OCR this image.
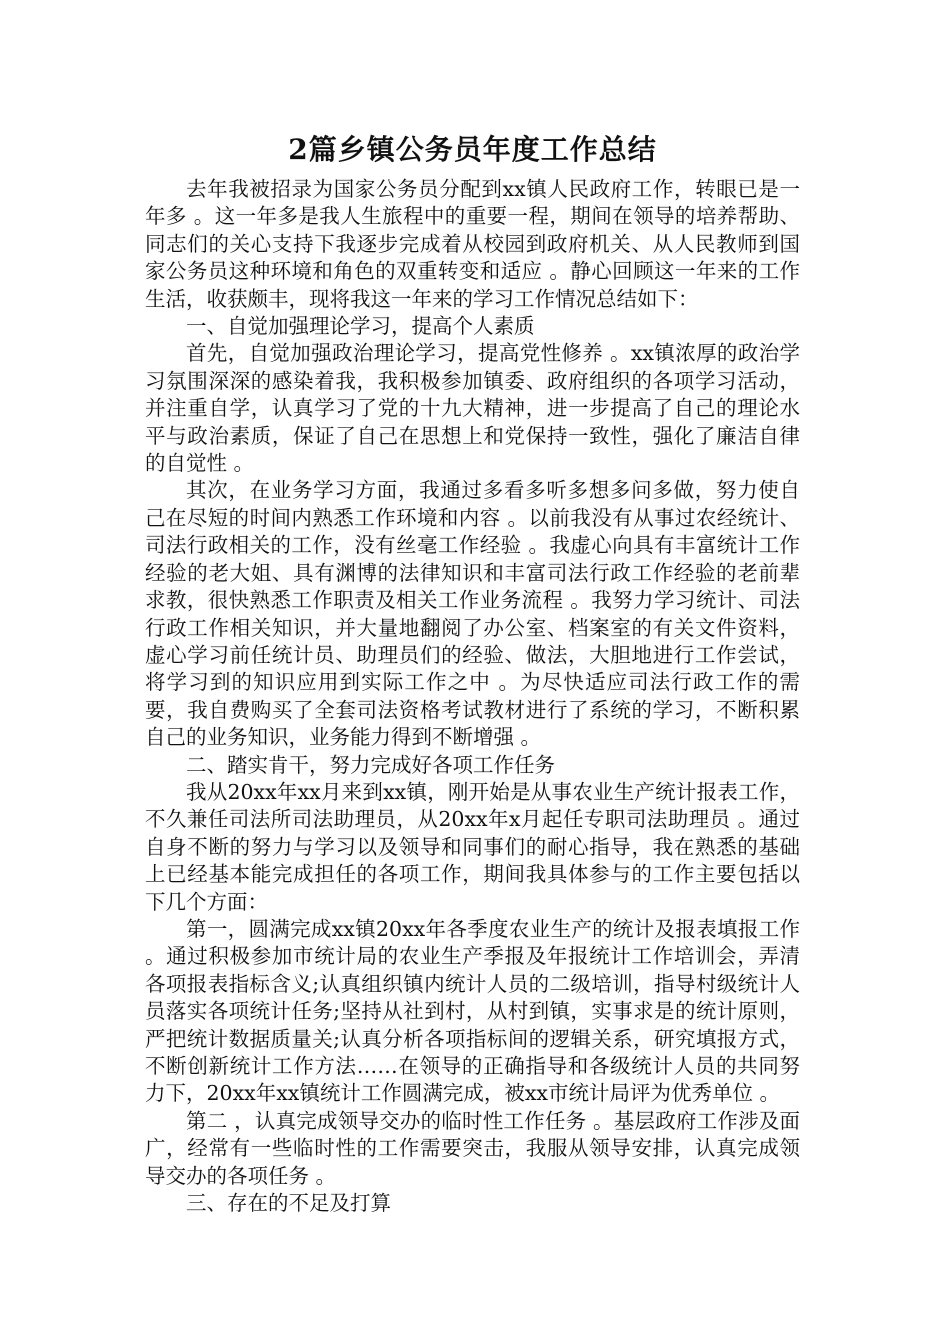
2篇乡镇公务员年度工作总结

去年我被招录为国家公务员分配到xx镇人民政府工作，转眼已是一年多 。这一年多是我人生旅程中的重要一程，期间在领导的培养帮助、同志们的关心支持下我逐步完成着从校园到政府机关、从人民教师到国家公务员这种环境和角色的双重转变和适应 。静心回顾这一年来的工作生活，收获颇丰，现将我这一年来的学习工作情况总结如下：

一、自觉加强理论学习，提高个人素质

首先，自觉加强政治理论学习，提高党性修养 。xx镇浓厚的政治学习氛围深深的感染着我，我积极参加镇委、政府组织的各项学习活动，并注重自学，认真学习了党的十九大精神，进一步提高了自己的理论水平与政治素质，保证了自己在思想上和党保持一致性，强化了廉洁自律的自觉性 。

其次，在业务学习方面，我通过多看多听多想多问多做，努力使自己在尽短的时间内熟悉工作环境和内容 。以前我没有从事过农经统计、司法行政相关的工作，没有丝毫工作经验 。我虚心向具有丰富统计工作经验的老大姐、具有渊博的法律知识和丰富司法行政工作经验的老前辈求教，很快熟悉工作职责及相关工作业务流程 。我努力学习统计、司法行政工作相关知识，并大量地翻阅了办公室、档案室的有关文件资料，虚心学习前任统计员、助理员们的经验、做法，大胆地进行工作尝试，将学习到的知识应用到实际工作之中 。为尽快适应司法行政工作的需要，我自费购买了全套司法资格考试教材进行了系统的学习，不断积累自己的业务知识，业务能力得到不断增强 。

二、踏实肯干，努力完成好各项工作任务

我从20xx年xx月来到xx镇，刚开始是从事农业生产统计报表工作，不久兼任司法所司法助理员，从20xx年x月起任专职司法助理员 。通过自身不断的努力与学习以及领导和同事们的耐心指导，我在熟悉的基础上已经基本能完成担任的各项工作，期间我具体参与的工作主要包括以下几个方面：

第一，圆满完成xx镇20xx年各季度农业生产的统计及报表填报工作 。通过积极参加市统计局的农业生产季报及年报统计工作培训会，弄清各项报表指标含义;认真组织镇内统计人员的二级培训，指导村级统计人员落实各项统计任务;坚持从社到村，从村到镇，实事求是的统计原则，严把统计数据质量关;认真分析各项指标间的逻辑关系，研究填报方式，不断创新统计工作方法……在领导的正确指导和各级统计人员的共同努力下，20xx年xx镇统计工作圆满完成，被xx市统计局评为优秀单位 。

第二 ，认真完成领导交办的临时性工作任务 。基层政府工作涉及面广，经常有一些临时性的工作需要突击，我服从领导安排，认真完成领导交办的各项任务 。

三、存在的不足及打算
